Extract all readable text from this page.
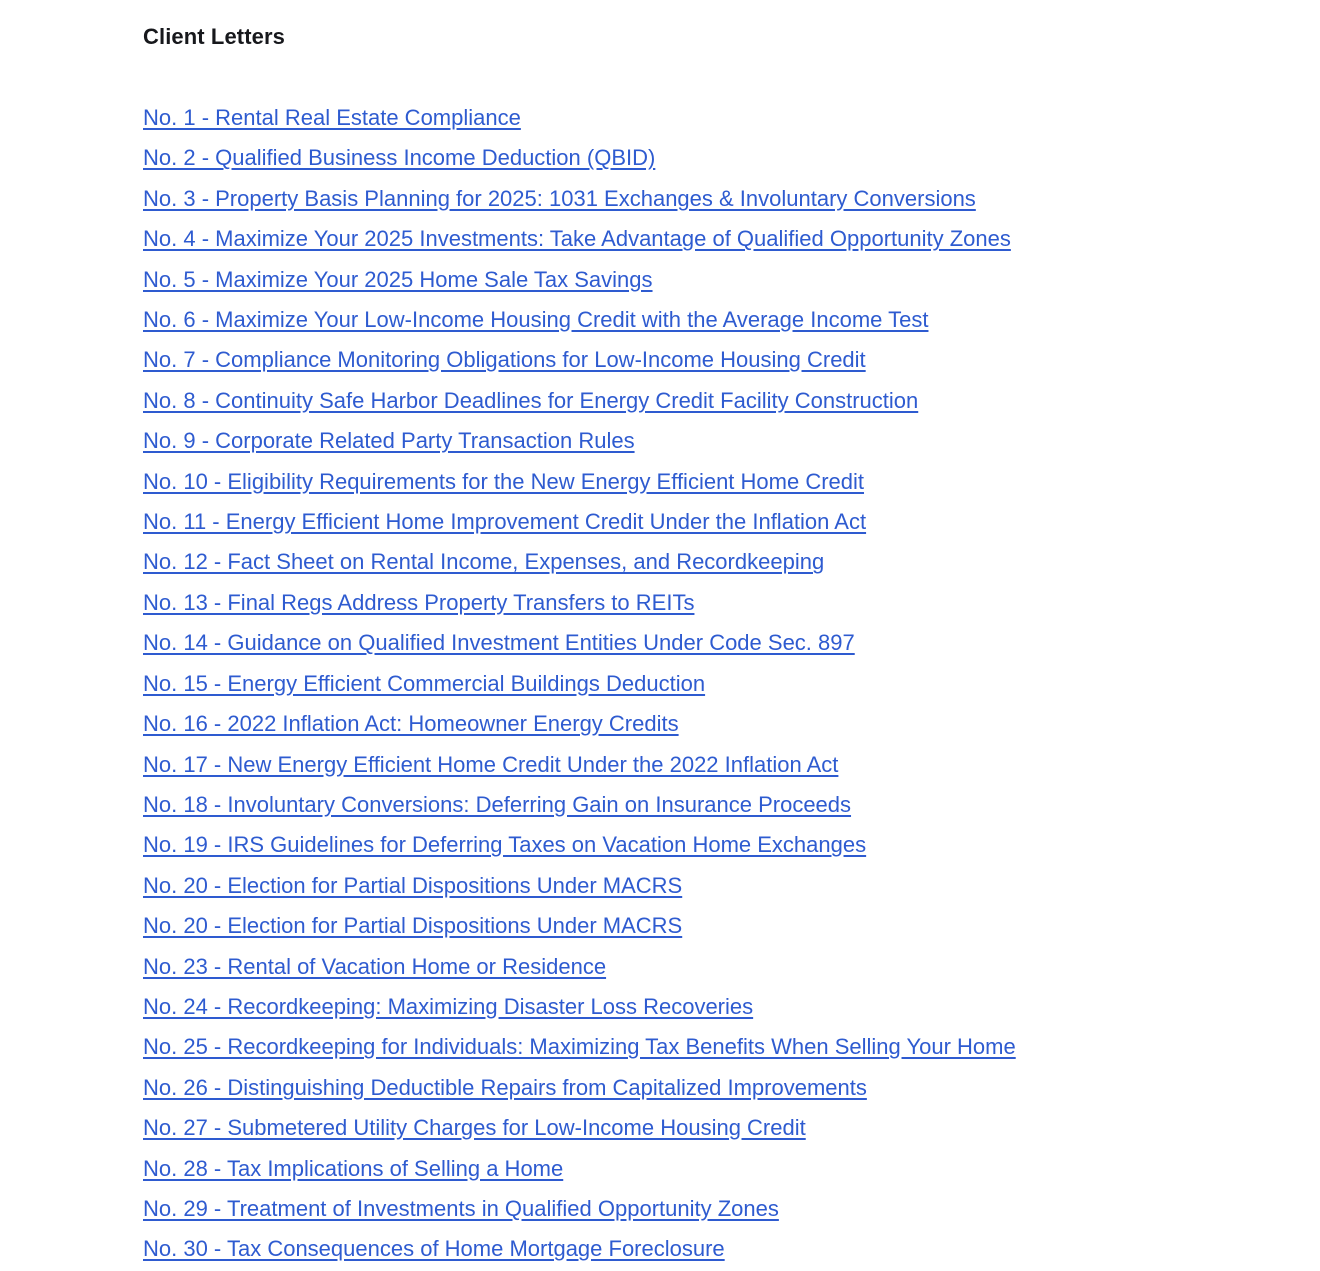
Client Letters
No. 1 - Rental Real Estate Compliance
No. 2 - Qualified Business Income Deduction (QBID)
No. 3 - Property Basis Planning for 2025: 1031 Exchanges & Involuntary Conversions
No. 4 - Maximize Your 2025 Investments: Take Advantage of Qualified Opportunity Zones
No. 5 - Maximize Your 2025 Home Sale Tax Savings
No. 6 - Maximize Your Low-Income Housing Credit with the Average Income Test
No. 7 - Compliance Monitoring Obligations for Low-Income Housing Credit
No. 8 - Continuity Safe Harbor Deadlines for Energy Credit Facility Construction
No. 9 - Corporate Related Party Transaction Rules
No. 10 - Eligibility Requirements for the New Energy Efficient Home Credit
No. 11 - Energy Efficient Home Improvement Credit Under the Inflation Act
No. 12 - Fact Sheet on Rental Income, Expenses, and Recordkeeping
No. 13 - Final Regs Address Property Transfers to REITs
No. 14 - Guidance on Qualified Investment Entities Under Code Sec. 897
No. 15 - Energy Efficient Commercial Buildings Deduction
No. 16 - 2022 Inflation Act: Homeowner Energy Credits
No. 17 - New Energy Efficient Home Credit Under the 2022 Inflation Act
No. 18 - Involuntary Conversions: Deferring Gain on Insurance Proceeds
No. 19 - IRS Guidelines for Deferring Taxes on Vacation Home Exchanges
No. 20 - Election for Partial Dispositions Under MACRS
No. 20 - Election for Partial Dispositions Under MACRS
No. 23 - Rental of Vacation Home or Residence
No. 24 - Recordkeeping: Maximizing Disaster Loss Recoveries
No. 25 - Recordkeeping for Individuals: Maximizing Tax Benefits When Selling Your Home
No. 26 - Distinguishing Deductible Repairs from Capitalized Improvements
No. 27 - Submetered Utility Charges for Low-Income Housing Credit
No. 28 - Tax Implications of Selling a Home
No. 29 - Treatment of Investments in Qualified Opportunity Zones
No. 30 - Tax Consequences of Home Mortgage Foreclosure
